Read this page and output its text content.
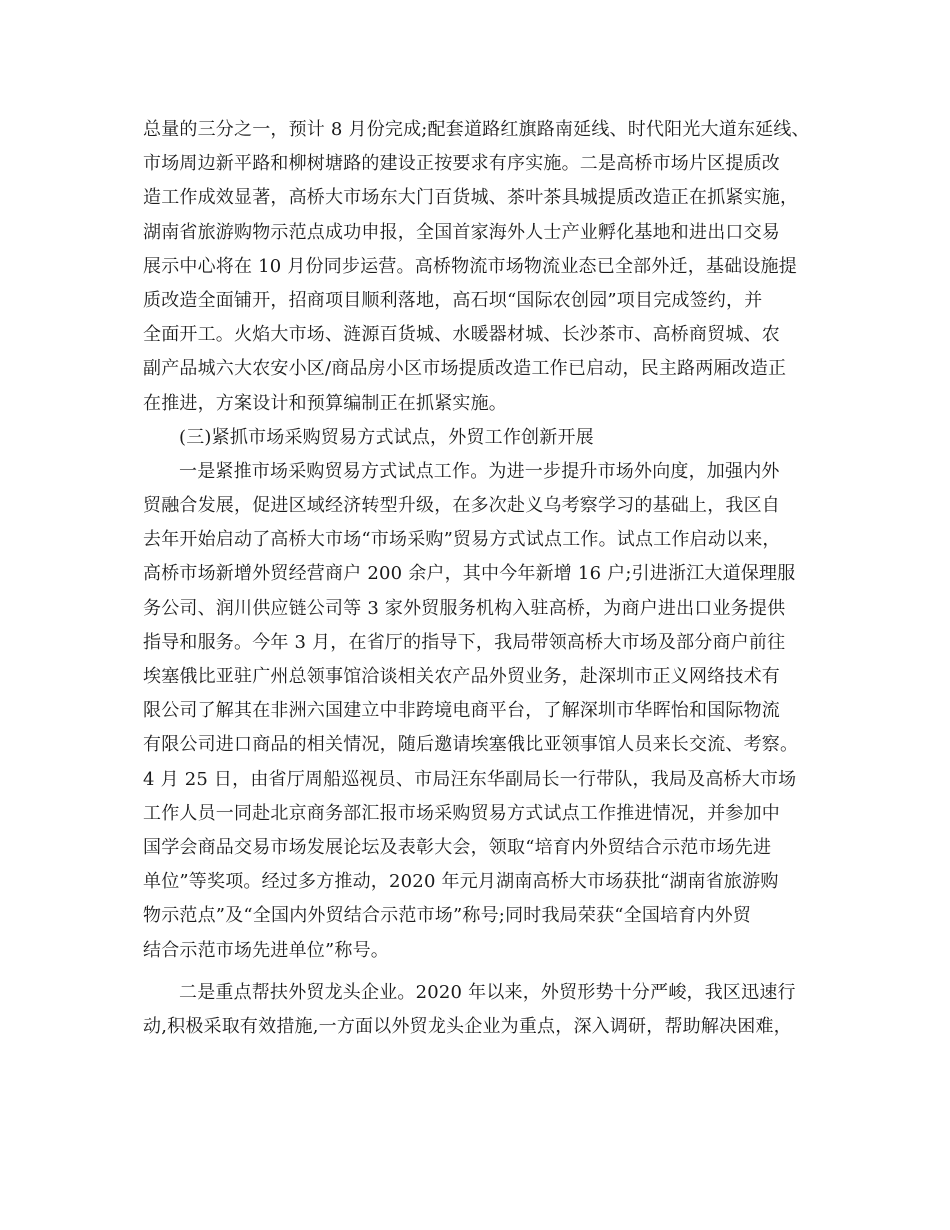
总量的三分之一，预计 8 月份完成;配套道路红旗路南延线、时代阳光大道东延线、
市场周边新平路和柳树塘路的建设正按要求有序实施。二是高桥市场片区提质改
造工作成效显著，高桥大市场东大门百货城、茶叶茶具城提质改造正在抓紧实施，
湖南省旅游购物示范点成功申报，全国首家海外人士产业孵化基地和进出口交易
展示中心将在 10 月份同步运营。高桥物流市场物流业态已全部外迁，基础设施提
质改造全面铺开，招商项目顺利落地，高石坝“国际农创园”项目完成签约，并
全面开工。火焰大市场、涟源百货城、水暖器材城、长沙茶市、高桥商贸城、农
副产品城六大农安小区/商品房小区市场提质改造工作已启动，民主路两厢改造正
在推进，方案设计和预算编制正在抓紧实施。
(三)紧抓市场采购贸易方式试点，外贸工作创新开展
一是紧推市场采购贸易方式试点工作。为进一步提升市场外向度，加强内外
贸融合发展，促进区域经济转型升级，在多次赴义乌考察学习的基础上，我区自
去年开始启动了高桥大市场“市场采购”贸易方式试点工作。试点工作启动以来，
高桥市场新增外贸经营商户 200 余户，其中今年新增 16 户;引进浙江大道保理服
务公司、润川供应链公司等 3 家外贸服务机构入驻高桥，为商户进出口业务提供
指导和服务。今年 3 月，在省厅的指导下，我局带领高桥大市场及部分商户前往
埃塞俄比亚驻广州总领事馆洽谈相关农产品外贸业务，赴深圳市正义网络技术有
限公司了解其在非洲六国建立中非跨境电商平台，了解深圳市华晖怡和国际物流
有限公司进口商品的相关情况，随后邀请埃塞俄比亚领事馆人员来长交流、考察。
4 月 25 日，由省厅周船巡视员、市局汪东华副局长一行带队，我局及高桥大市场
工作人员一同赴北京商务部汇报市场采购贸易方式试点工作推进情况，并参加中
国学会商品交易市场发展论坛及表彰大会，领取“培育内外贸结合示范市场先进
单位”等奖项。经过多方推动，2020 年元月湖南高桥大市场获批“湖南省旅游购
物示范点”及“全国内外贸结合示范市场”称号;同时我局荣获“全国培育内外贸
结合示范市场先进单位”称号。
二是重点帮扶外贸龙头企业。2020 年以来，外贸形势十分严峻，我区迅速行
动,积极采取有效措施,一方面以外贸龙头企业为重点，深入调研，帮助解决困难，
